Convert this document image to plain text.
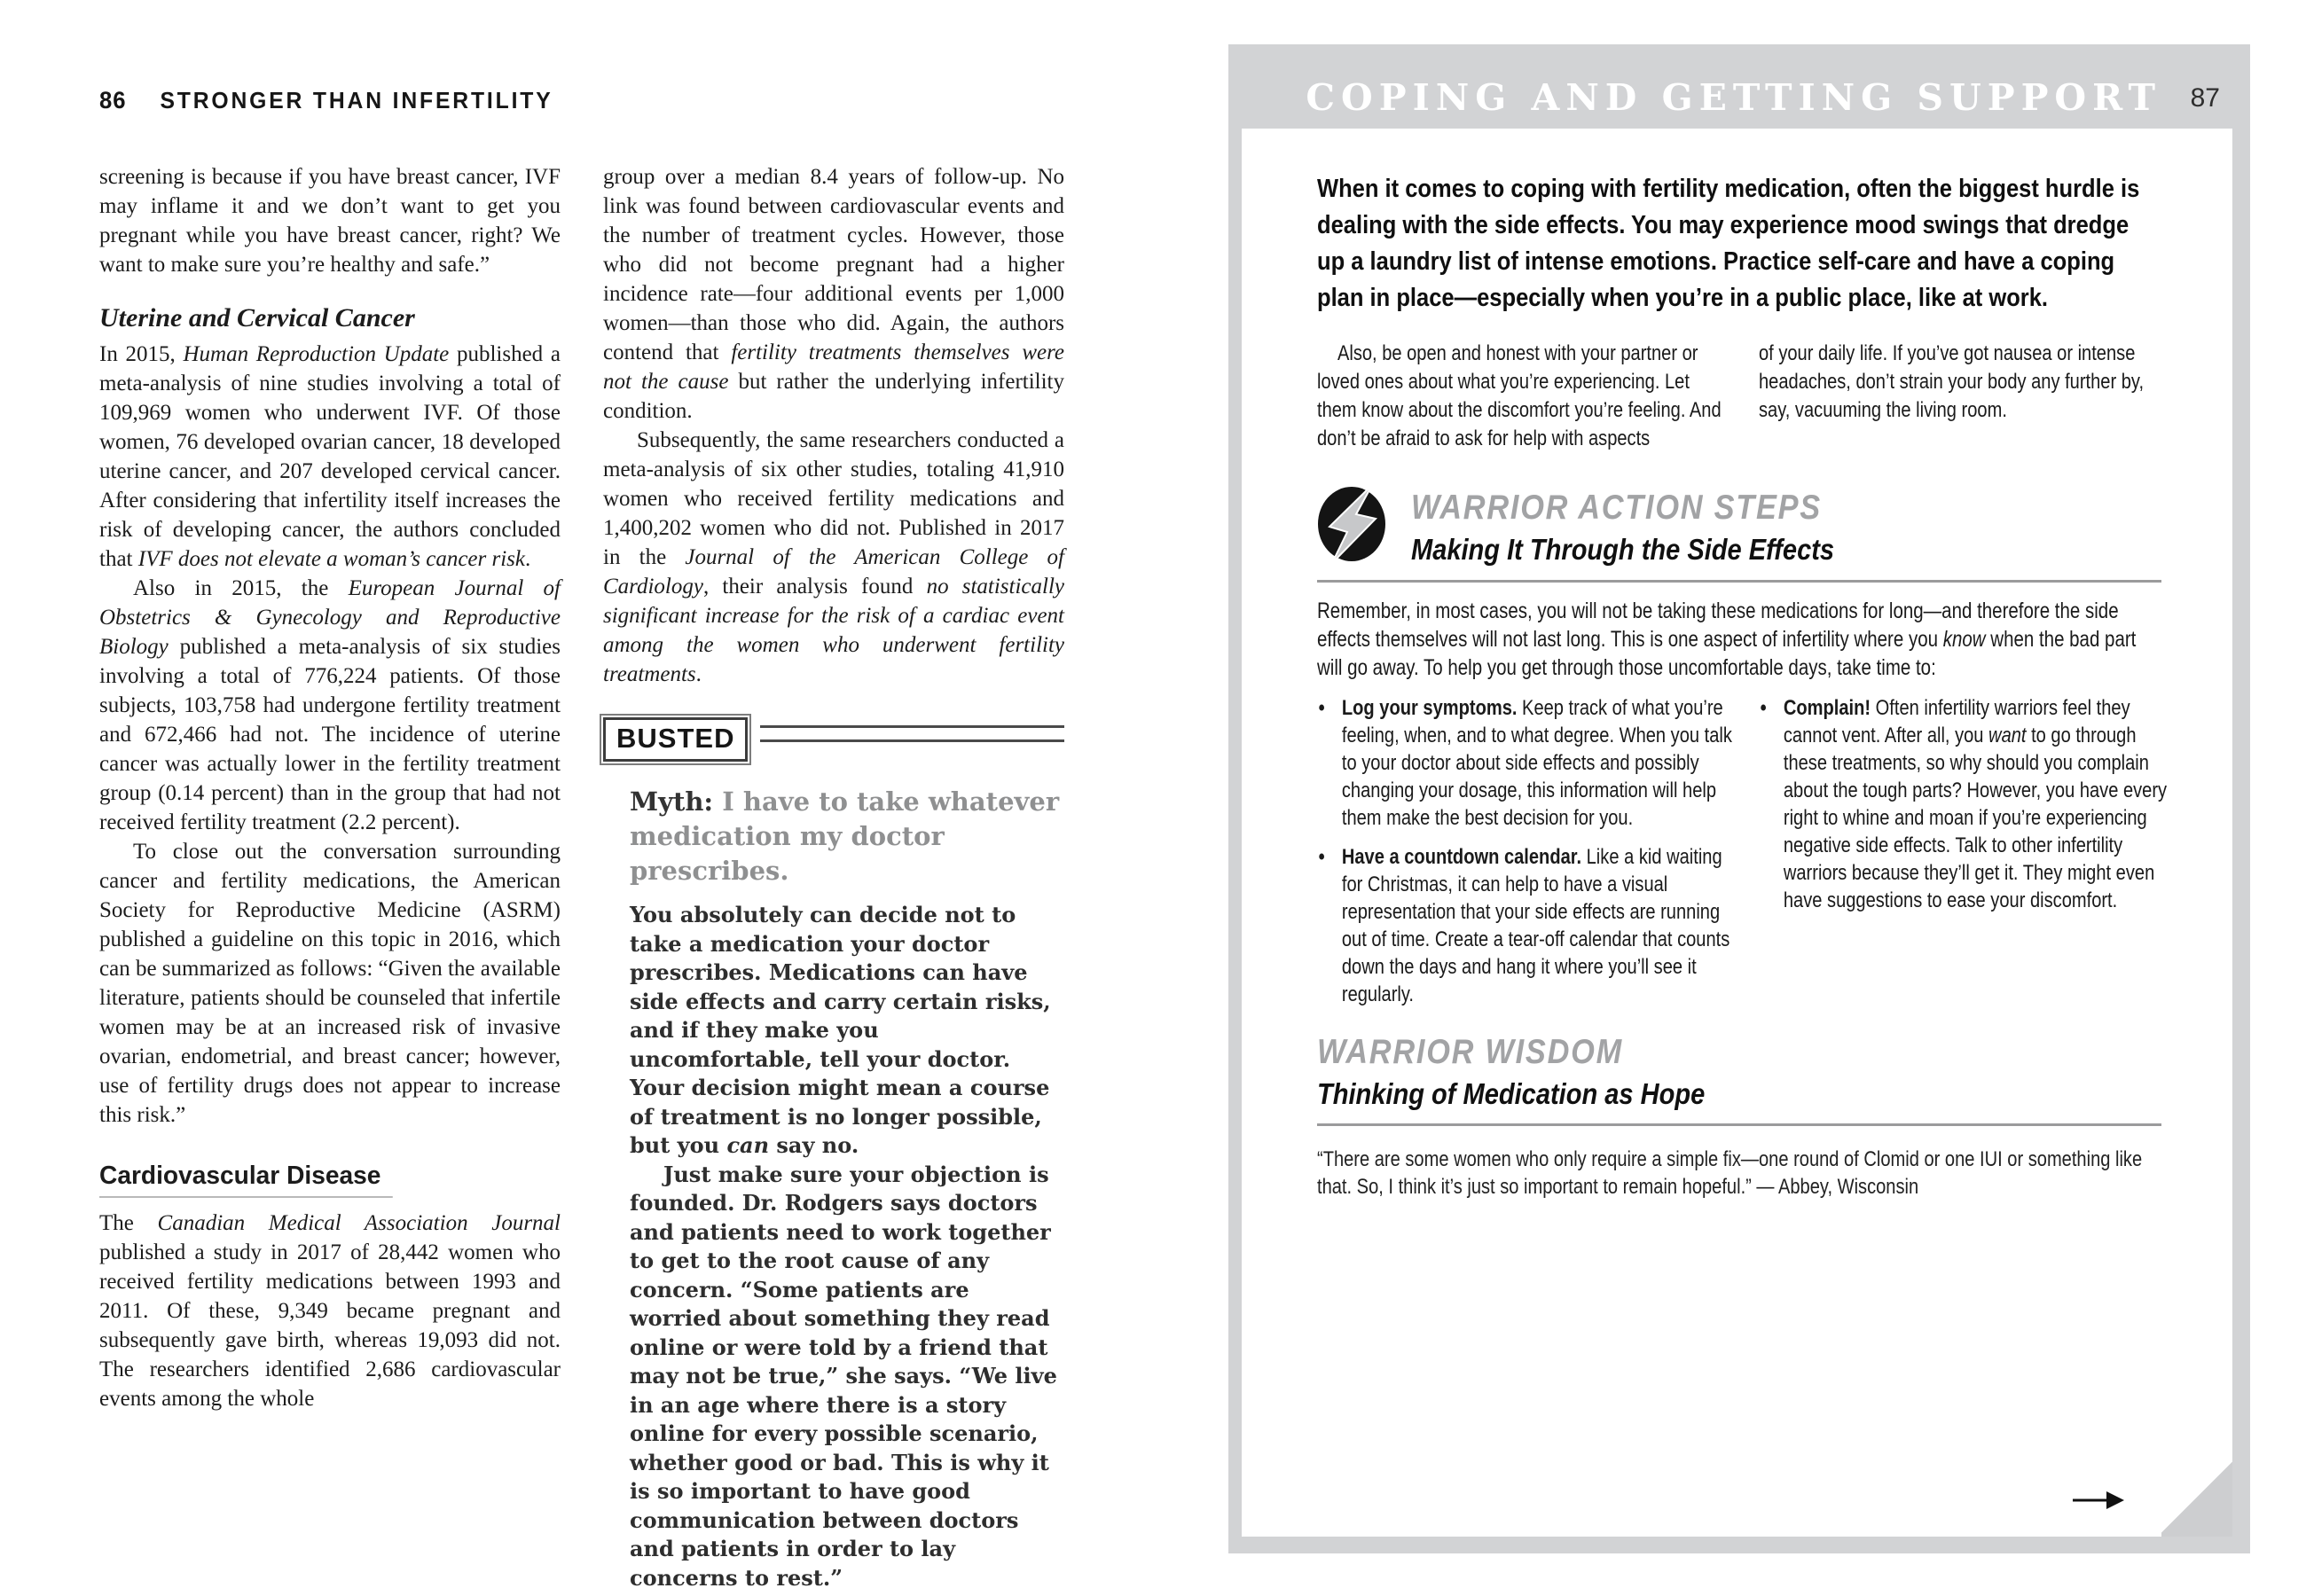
86 STRONGER THAN INFERTILITY

screening is because if you have breast cancer, IVF may inflame it and we don’t want to get you pregnant while you have breast cancer, right? We want to make sure you’re healthy and safe.”

Uterine and Cervical Cancer

In 2015, Human Reproduction Update published a meta-analysis of nine studies involving a total of 109,969 women who underwent IVF. Of those women, 76 developed ovarian cancer, 18 developed uterine cancer, and 207 developed cervical cancer. After considering that infertility itself increases the risk of developing cancer, the authors concluded that IVF does not elevate a woman’s cancer risk.

Also in 2015, the European Journal of Obstetrics & Gynecology and Reproductive Biology published a meta-analysis of six studies involving a total of 776,224 patients. Of those subjects, 103,758 had undergone fertility treatment and 672,466 had not. The incidence of uterine cancer was actually lower in the fertility treatment group (0.14 percent) than in the group that had not received fertility treatment (2.2 percent).

To close out the conversation surrounding cancer and fertility medications, the American Society for Reproductive Medicine (ASRM) published a guideline on this topic in 2016, which can be summarized as follows: “Given the available literature, patients should be counseled that infertile women may be at an increased risk of invasive ovarian, endometrial, and breast cancer; however, use of fertility drugs does not appear to increase this risk.”

Cardiovascular Disease

The Canadian Medical Association Journal published a study in 2017 of 28,442 women who received fertility medications between 1993 and 2011. Of these, 9,349 became pregnant and subsequently gave birth, whereas 19,093 did not. The researchers identified 2,686 cardiovascular events among the whole

group over a median 8.4 years of follow-up. No link was found between cardiovascular events and the number of treatment cycles. However, those who did not become pregnant had a higher incidence rate—four additional events per 1,000 women—than those who did. Again, the authors contend that fertility treatments themselves were not the cause but rather the underlying infertility condition.

Subsequently, the same researchers conducted a meta-analysis of six other studies, totaling 41,910 women who received fertility medications and 1,400,202 women who did not. Published in 2017 in the Journal of the American College of Cardiology, their analysis found no statistically significant increase for the risk of a cardiac event among the women who underwent fertility treatments.

BUSTED
Myth: I have to take whatever medication my doctor prescribes.

You absolutely can decide not to take a medication your doctor prescribes. Medications can have side effects and carry certain risks, and if they make you uncomfortable, tell your doctor. Your decision might mean a course of treatment is no longer possible, but you can say no.

Just make sure your objection is founded. Dr. Rodgers says doctors and patients need to work together to get to the root cause of any concern. “Some patients are worried about something they read online or were told by a friend that may not be true,” she says. “We live in an age where there is a story online for every possible scenario, whether good or bad. This is why it is so important to have good communication between doctors and patients in order to lay concerns to rest.”

COPING AND GETTING SUPPORT 87

When it comes to coping with fertility medication, often the biggest hurdle is dealing with the side effects. You may experience mood swings that dredge up a laundry list of intense emotions. Practice self-care and have a coping plan in place—especially when you’re in a public place, like at work.

Also, be open and honest with your partner or loved ones about what you’re experiencing. Let them know about the discomfort you’re feeling. And don’t be afraid to ask for help with aspects
of your daily life. If you’ve got nausea or intense headaches, don’t strain your body any further by, say, vacuuming the living room.
WARRIOR ACTION STEPS
Making It Through the Side Effects

Remember, in most cases, you will not be taking these medications for long—and therefore the side effects themselves will not last long. This is one aspect of infertility where you know when the bad part will go away. To help you get through those uncomfortable days, take time to:

• Log your symptoms. Keep track of what you’re feeling, when, and to what degree. When you talk to your doctor about side effects and possibly changing your dosage, this information will help them make the best decision for you.

• Have a countdown calendar. Like a kid waiting for Christmas, it can help to have a visual representation that your side effects are running out of time. Create a tear-off calendar that counts down the days and hang it where you’ll see it regularly.

• Complain! Often infertility warriors feel they cannot vent. After all, you want to go through these treatments, so why should you complain about the tough parts? However, you have every right to whine and moan if you’re experiencing negative side effects. Talk to other infertility warriors because they’ll get it. They might even have suggestions to ease your discomfort.

WARRIOR WISDOM
Thinking of Medication as Hope

“There are some women who only require a simple fix—one round of Clomid or one IUI or something like that. So, I think it’s just so important to remain hopeful.” — Abbey, Wisconsin
